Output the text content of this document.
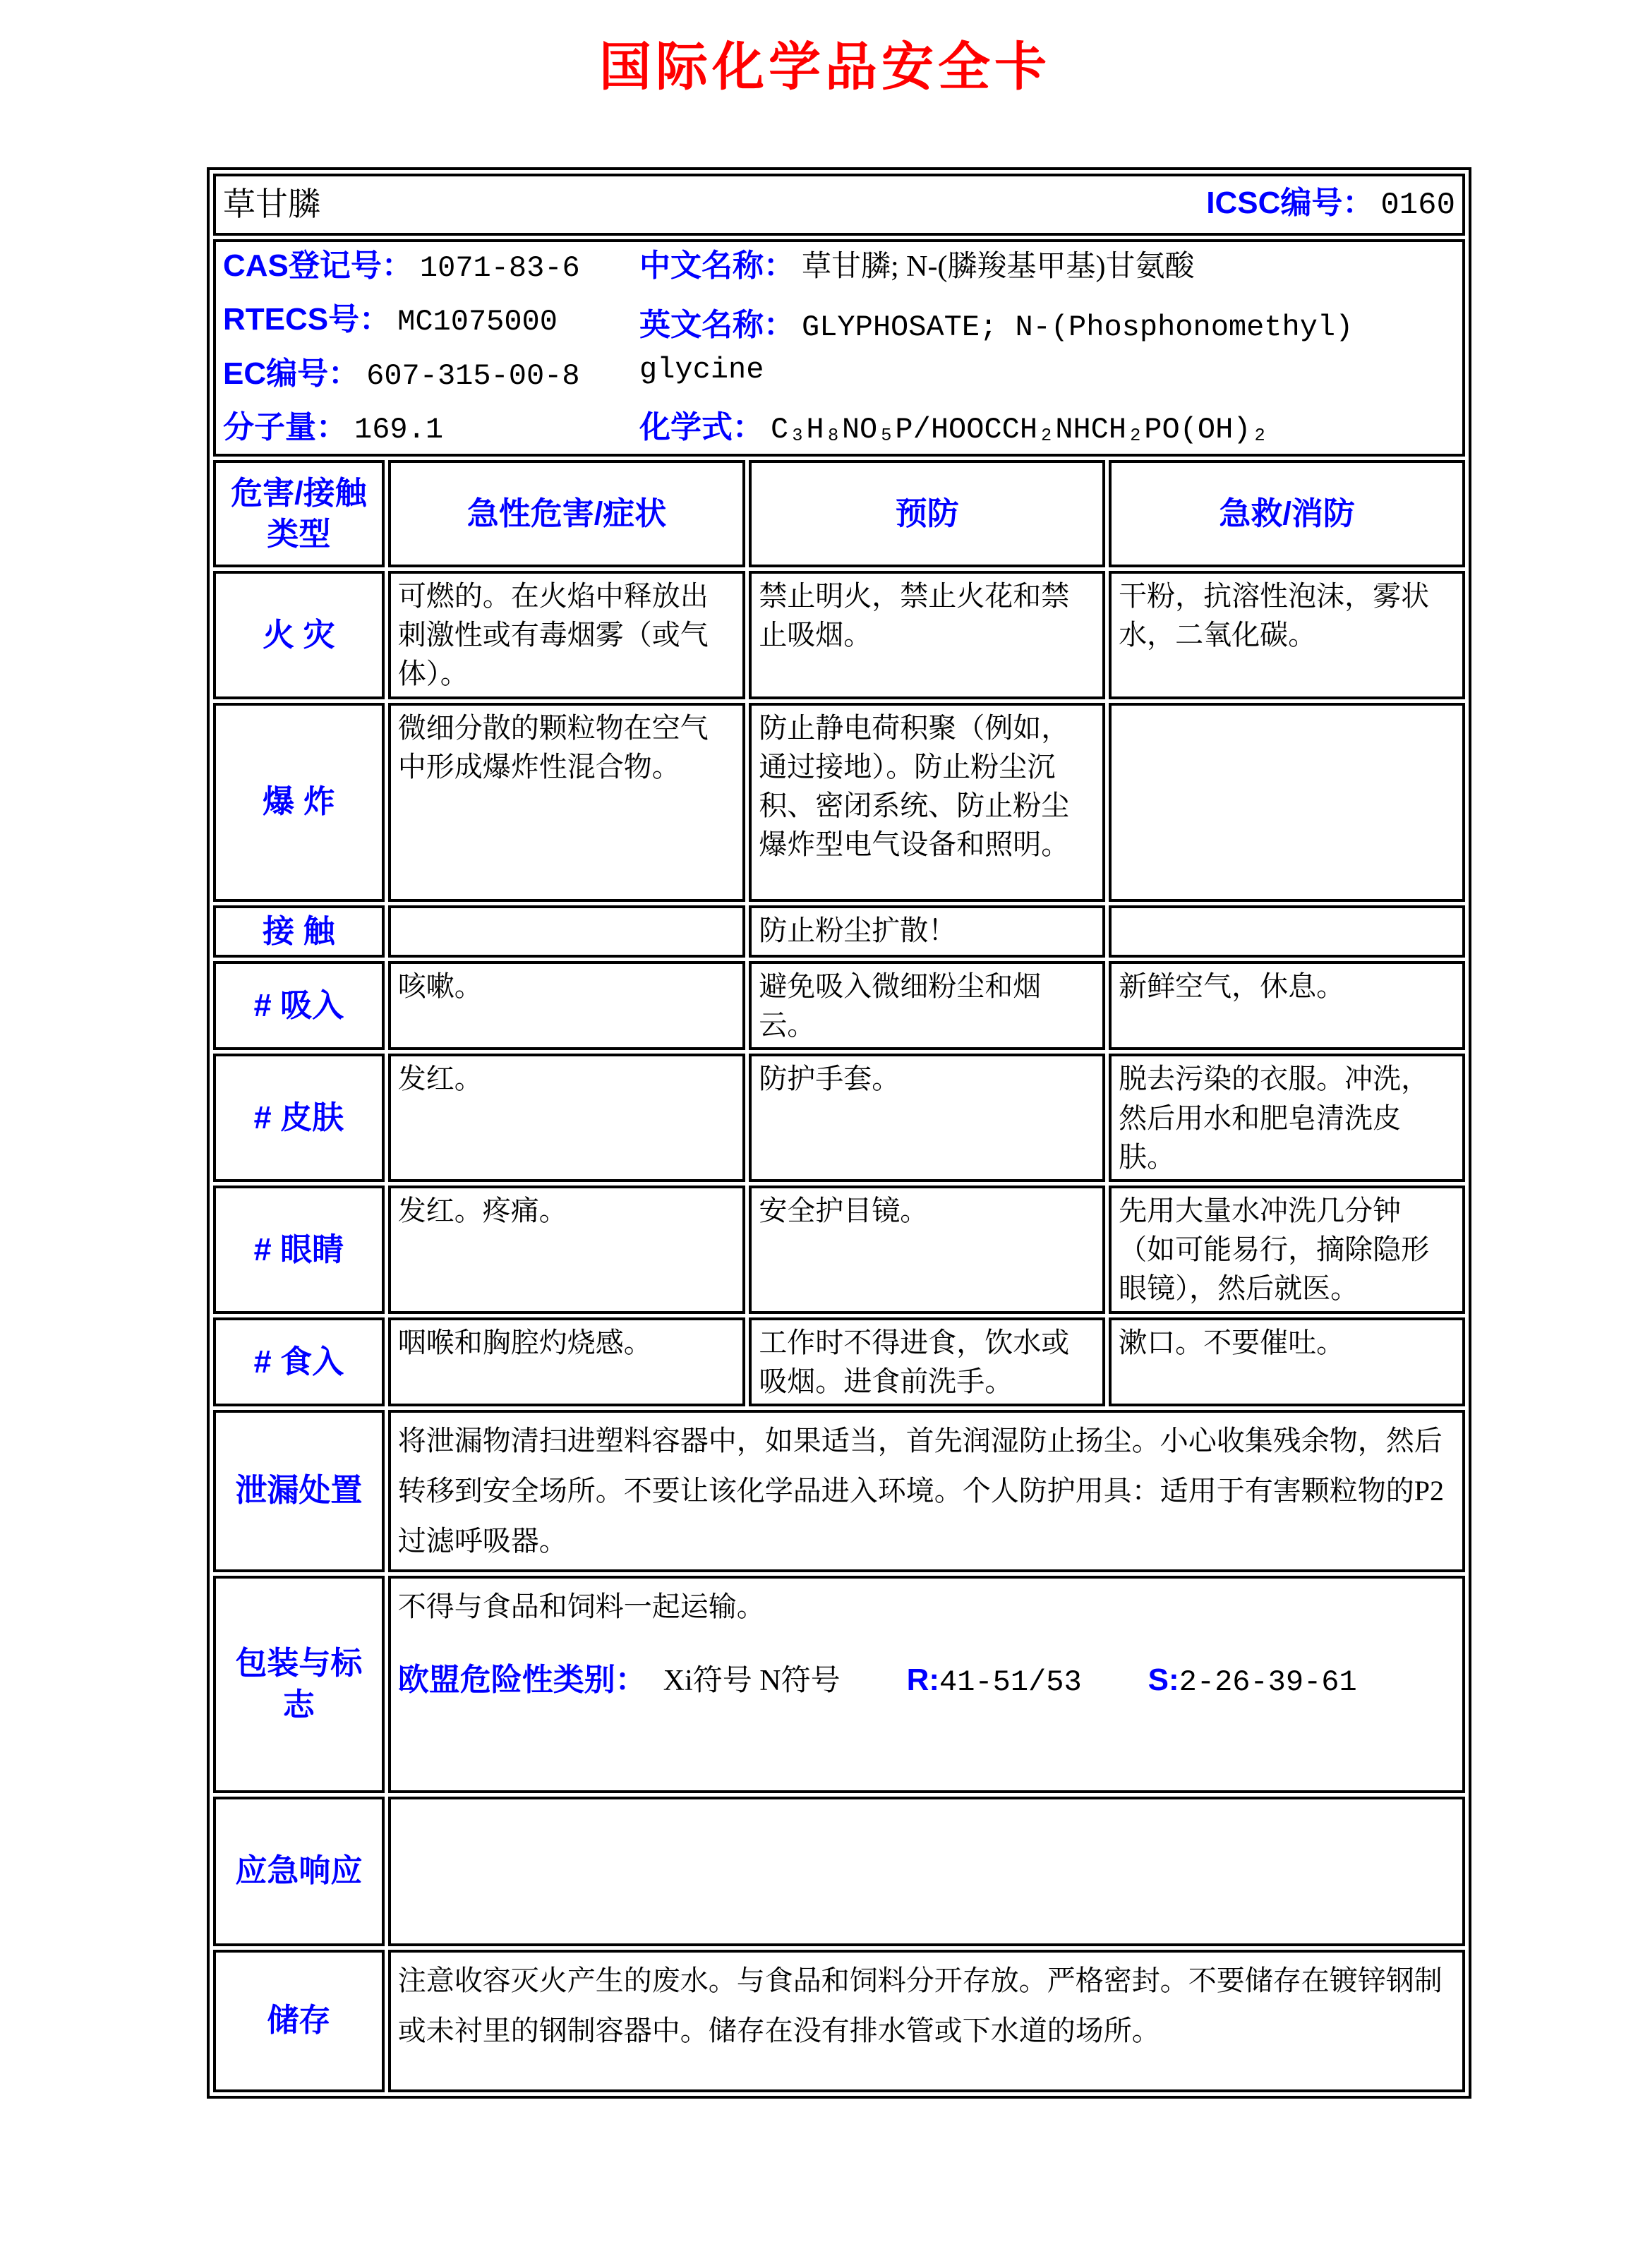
国际化学品安全卡
草甘膦 ICSC编号： 0160			

CAS登记号： 1071-83-6
RTECS号： MC1075000
EC编号： 607-315-00-8
分子量： 169.1
中文名称： 草甘膦; N-(膦羧基甲基)甘氨酸
英文名称： GLYPHOSATE; N-(Phosphonomethyl) glycine
化学式： C₃H₈NO₅P/HOOCCH₂NHCH₂PO(OH)₂

危害/接触
类型	急性危害/症状	预防	急救/消防
火 灾	可燃的。在火焰中释放出刺激性或有毒烟雾（或气体）。	禁止明火，禁止火花和禁止吸烟。	干粉，抗溶性泡沫，雾状水，二氧化碳。
爆 炸	微细分散的颗粒物在空气中形成爆炸性混合物。	防止静电荷积聚（例如，通过接地）。防止粉尘沉积、密闭系统、防止粉尘爆炸型电气设备和照明。	
接 触		防止粉尘扩散！	
# 吸入	咳嗽。	避免吸入微细粉尘和烟云。	新鲜空气，休息。
# 皮肤	发红。	防护手套。	脱去污染的衣服。冲洗，然后用水和肥皂清洗皮肤。
# 眼睛	发红。疼痛。	安全护目镜。	先用大量水冲洗几分钟（如可能易行，摘除隐形眼镜），然后就医。
# 食入	咽喉和胸腔灼烧感。	工作时不得进食，饮水或吸烟。进食前洗手。	漱口。不要催吐。
泄漏处置	将泄漏物清扫进塑料容器中，如果适当，首先润湿防止扬尘。小心收集残余物，然后转移到安全场所。不要让该化学品进入环境。个人防护用具：适用于有害颗粒物的P2过滤呼吸器。		
包装与标志	不得与食品和饲料一起运输。
欧盟危险性类别： Xi符号 N符号 R:41-51/53 S:2-26-39-61		

应急响应			
储存	注意收容灭火产生的废水。与食品和饲料分开存放。严格密封。不要储存在镀锌钢制或未衬里的钢制容器中。储存在没有排水管或下水道的场所。		
